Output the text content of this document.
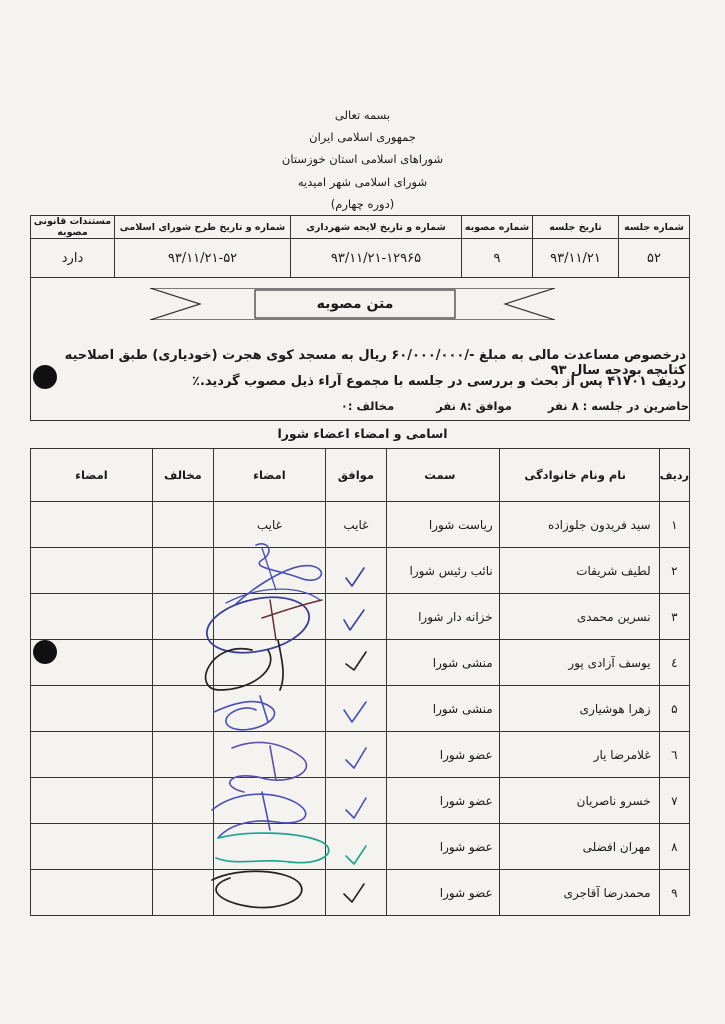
بسمه تعالی
جمهوری اسلامی ایران
شوراهای اسلامی استان خوزستان
شورای اسلامی شهر امیدیه
(دوره چهارم)
شماره جلسه	تاریخ جلسه	شماره مصوبه	شماره و تاریخ لایحه شهرداری	شماره و تاریخ طرح شورای اسلامی	مستندات قانونی مصوبه
۵۲	۹۳/۱۱/۲۱	۹	۹۳/۱۱/۲۱-۱۲۹۶۵	۹۳/۱۱/۲۱-۵۲	دارد
متن مصوبه
درخصوص مساعدت مالی به مبلغ -/۶۰/۰۰۰/۰۰۰ ریال به مسجد کوی هجرت (خودیاری) طبق اصلاحیه کتابچه بودجه سال ۹۳
ردیف ۴۱۷۰۱ پس از بحث و بررسی در جلسه با مجموع آراء ذیل مصوب گردید.٪
حاضرین در جلسه : ۸ نفر  موافق :۸ نفر  مخالف :۰
اسامی و امضاء اعضاء شورا
ردیف	نام ونام خانوادگی	سمت	موافق	امضاء	مخالف	امضاء
۱	سید فریدون جلوزاده	ریاست شورا	غایب	غایب		
۲	لطیف شریفات	نائب رئیس شورا				
۳	نسرین محمدی	خزانه دار شورا				
٤	یوسف آزادی پور	منشی شورا				
۵	زهرا هوشیاری	منشی شورا				
٦	غلامرضا یار	عضو شورا				
۷	خسرو ناصریان	عضو شورا				
۸	مهران افضلی	عضو شورا				
۹	محمدرضا آقاجری	عضو شورا				
